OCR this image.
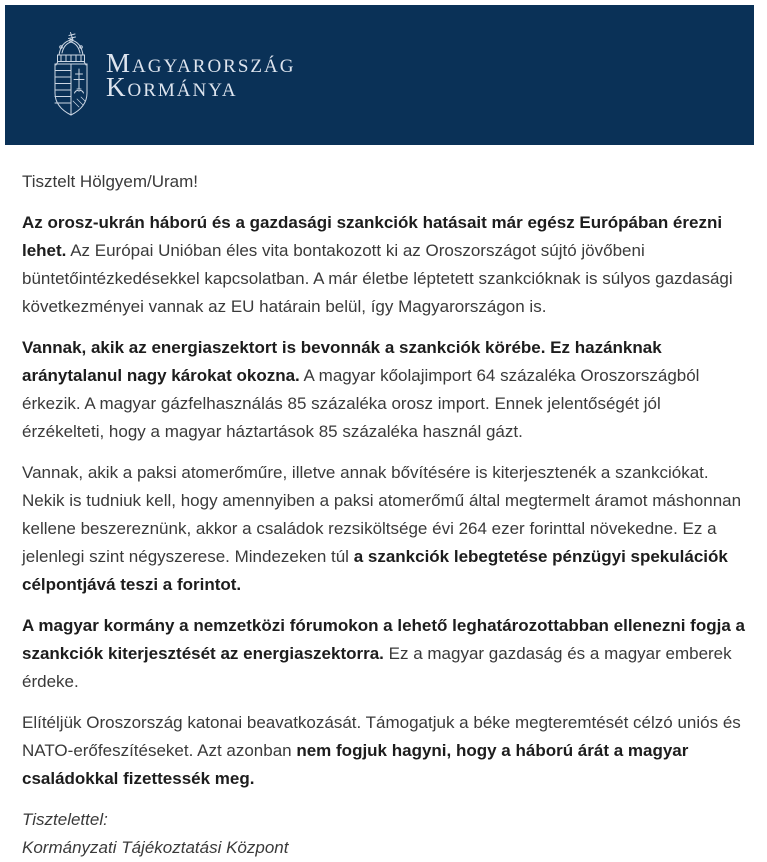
Magyarország
Kormánya

Tisztelt Hölgyem/Uram!

Az orosz-ukrán háború és a gazdasági szankciók hatásait már egész Európában érezni lehet. Az Európai Unióban éles vita bontakozott ki az Oroszországot sújtó jövőbeni büntetőintézkedésekkel kapcsolatban. A már életbe léptetett szankcióknak is súlyos gazdasági következményei vannak az EU határain belül, így Magyarországon is.

Vannak, akik az energiaszektort is bevonnák a szankciók körébe. Ez hazánknak aránytalanul nagy károkat okozna. A magyar kőolajimport 64 százaléka Oroszországból érkezik. A magyar gázfelhasználás 85 százaléka orosz import. Ennek jelentőségét jól érzékelteti, hogy a magyar háztartások 85 százaléka használ gázt.

Vannak, akik a paksi atomerőműre, illetve annak bővítésére is kiterjesztenék a szankciókat. Nekik is tudniuk kell, hogy amennyiben a paksi atomerőmű által megtermelt áramot máshonnan kellene beszereznünk, akkor a családok rezsiköltsége évi 264 ezer forinttal növekedne. Ez a jelenlegi szint négyszerese. Mindezeken túl a szankciók lebegtetése pénzügyi spekulációk célpontjává teszi a forintot.

A magyar kormány a nemzetközi fórumokon a lehető leghatározottabban ellenezni fogja a szankciók kiterjesztését az energiaszektorra. Ez a magyar gazdaság és a magyar emberek érdeke.

Elítéljük Oroszország katonai beavatkozását. Támogatjuk a béke megteremtését célzó uniós és NATO-erőfeszítéseket. Azt azonban nem fogjuk hagyni, hogy a háború árát a magyar családokkal fizettessék meg.

Tisztelettel:

Kormányzati Tájékoztatási Központ
